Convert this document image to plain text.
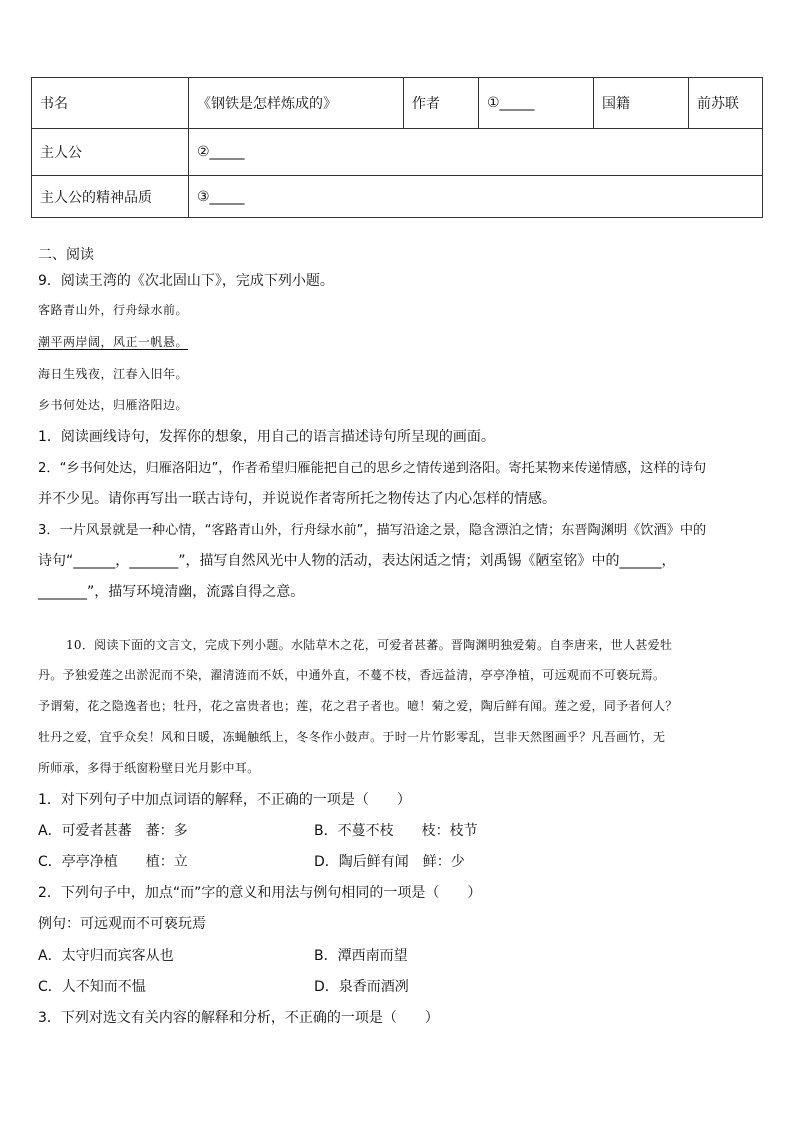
书名	《钢铁是怎样炼成的》	作者	①_____	国籍	前苏联
主人公	②_____				
主人公的精神品质	③_____				
二、阅读
9．阅读王湾的《次北固山下》，完成下列小题。
客路青山外，行舟绿水前。
潮平两岸阔，风正一帆悬。
海日生残夜，江春入旧年。
乡书何处达，归雁洛阳边。
1．阅读画线诗句，发挥你的想象，用自己的语言描述诗句所呈现的画面。
2．“乡书何处达，归雁洛阳边”，作者希望归雁能把自己的思乡之情传递到洛阳。寄托某物来传递情感，这样的诗句
并不少见。请你再写出一联古诗句，并说说作者寄所托之物传达了内心怎样的情感。
3．一片风景就是一种心情，“客路青山外，行舟绿水前”，描写沿途之景，隐含漂泊之情；东晋陶渊明《饮酒》中的
诗句“______，_______”，描写自然风光中人物的活动，表达闲适之情；刘禹锡《陋室铭》中的______，
_______”，描写环境清幽，流露自得之意。
10．阅读下面的文言文，完成下列小题。水陆草木之花，可爱者甚蕃。晋陶渊明独爱菊。自李唐来，世人甚爱牡
丹。予独爱莲之出淤泥而不染，濯清涟而不妖，中通外直，不蔓不枝，香远益清，亭亭净植，可远观而不可亵玩焉。
予谓菊，花之隐逸者也；牡丹，花之富贵者也；莲，花之君子者也。噫！菊之爱，陶后鲜有闻。莲之爱，同予者何人？
牡丹之爱，宜乎众矣！风和日暖，冻蝇触纸上，冬冬作小鼓声。于时一片竹影零乱，岂非天然图画乎？凡吾画竹，无
所师承，多得于纸窗粉壁日光月影中耳。
1．对下列句子中加点词语的解释，不正确的一项是（　　）
A．可爱者甚蕃　蕃：多	B．不蔓不枝　　枝：枝节
C．亭亭净植　　植：立	D．陶后鲜有闻　鲜：少
2．下列句子中，加点“而”字的意义和用法与例句相同的一项是（　　）
例句：可远观而不可亵玩焉
A．太守归而宾客从也	B．潭西南而望
C．人不知而不愠	D．泉香而酒冽
3．下列对选文有关内容的解释和分析，不正确的一项是（　　）
